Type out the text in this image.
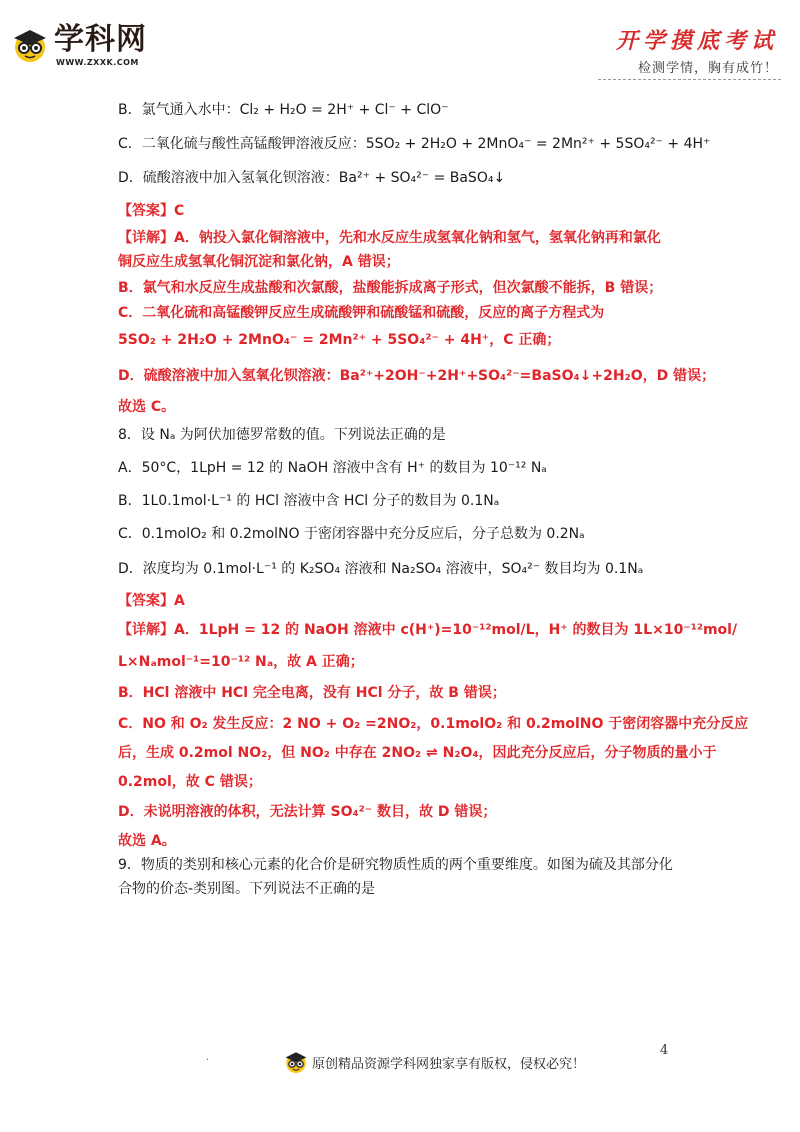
学科网
WWW.ZXXK.COM
开学摸底考试
检测学情，胸有成竹！
B．氯气通入水中：Cl₂ + H₂O = 2H⁺ + Cl⁻ + ClO⁻
C．二氧化硫与酸性高锰酸钾溶液反应：5SO₂ + 2H₂O + 2MnO₄⁻ = 2Mn²⁺ + 5SO₄²⁻ + 4H⁺
D．硫酸溶液中加入氢氧化钡溶液：Ba²⁺ + SO₄²⁻ = BaSO₄↓
【答案】C
【详解】A．钠投入氯化铜溶液中，先和水反应生成氢氧化钠和氢气，氢氧化钠再和氯化
铜反应生成氢氧化铜沉淀和氯化钠，A 错误；
B．氯气和水反应生成盐酸和次氯酸，盐酸能拆成离子形式，但次氯酸不能拆，B 错误；
C．二氧化硫和高锰酸钾反应生成硫酸钾和硫酸锰和硫酸，反应的离子方程式为
5SO₂ + 2H₂O + 2MnO₄⁻ = 2Mn²⁺ + 5SO₄²⁻ + 4H⁺，C 正确；
D．硫酸溶液中加入氢氧化钡溶液：Ba²⁺+2OH⁻+2H⁺+SO₄²⁻=BaSO₄↓+2H₂O，D 错误；
故选 C。
8．设 Nₐ 为阿伏加德罗常数的值。下列说法正确的是
A．50°C，1LpH = 12 的 NaOH 溶液中含有 H⁺ 的数目为 10⁻¹² Nₐ
B．1L0.1mol·L⁻¹ 的 HCl 溶液中含 HCl 分子的数目为 0.1Nₐ
C．0.1molO₂ 和 0.2molNO 于密闭容器中充分反应后，分子总数为 0.2Nₐ
D．浓度均为 0.1mol·L⁻¹ 的 K₂SO₄ 溶液和 Na₂SO₄ 溶液中，SO₄²⁻ 数目均为 0.1Nₐ
【答案】A
【详解】A．1LpH = 12 的 NaOH 溶液中 c(H⁺)=10⁻¹²mol/L，H⁺ 的数目为 1L×10⁻¹²mol/
L×Nₐmol⁻¹=10⁻¹² Nₐ，故 A 正确；
B．HCl 溶液中 HCl 完全电离，没有 HCl 分子，故 B 错误；
C．NO 和 O₂ 发生反应：2 NO + O₂ =2NO₂，0.1molO₂ 和 0.2molNO 于密闭容器中充分反应
后，生成 0.2mol NO₂，但 NO₂ 中存在 2NO₂ ⇌ N₂O₄，因此充分反应后，分子物质的量小于
0.2mol，故 C 错误；
D．未说明溶液的体积，无法计算 SO₄²⁻ 数目，故 D 错误；
故选 A。
9．物质的类别和核心元素的化合价是研究物质性质的两个重要维度。如图为硫及其部分化
合物的价态-类别图。下列说法不正确的是
.	原创精品资源学科网独家享有版权，侵权必究！
4
